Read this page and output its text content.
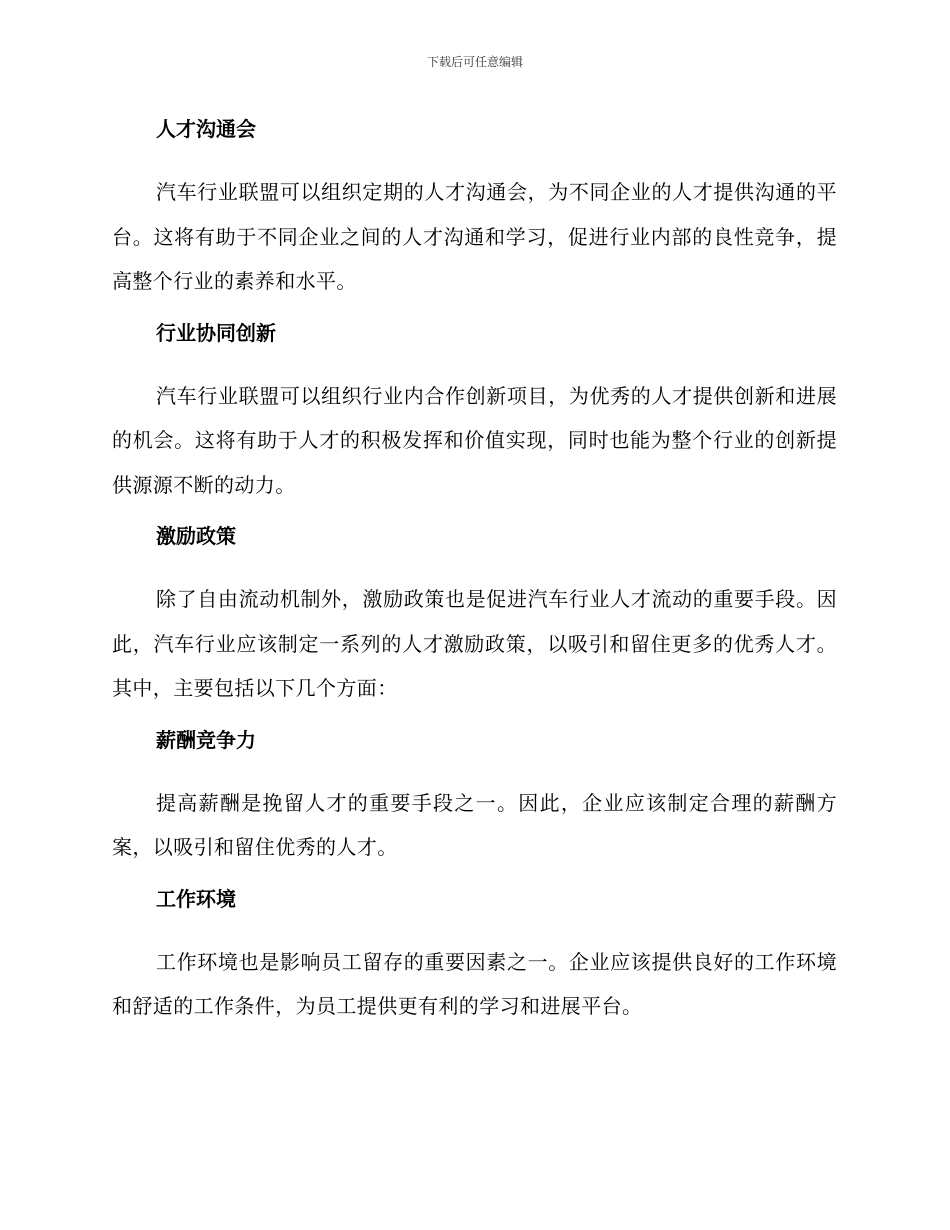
下载后可任意编辑
人才沟通会

汽车行业联盟可以组织定期的人才沟通会，为不同企业的人才提供沟通的平台。这将有助于不同企业之间的人才沟通和学习，促进行业内部的良性竞争，提高整个行业的素养和水平。

行业协同创新

汽车行业联盟可以组织行业内合作创新项目，为优秀的人才提供创新和进展的机会。这将有助于人才的积极发挥和价值实现，同时也能为整个行业的创新提供源源不断的动力。

激励政策

除了自由流动机制外，激励政策也是促进汽车行业人才流动的重要手段。因此，汽车行业应该制定一系列的人才激励政策，以吸引和留住更多的优秀人才。其中，主要包括以下几个方面：

薪酬竞争力

提高薪酬是挽留人才的重要手段之一。因此，企业应该制定合理的薪酬方案，以吸引和留住优秀的人才。

工作环境

工作环境也是影响员工留存的重要因素之一。企业应该提供良好的工作环境和舒适的工作条件，为员工提供更有利的学习和进展平台。
